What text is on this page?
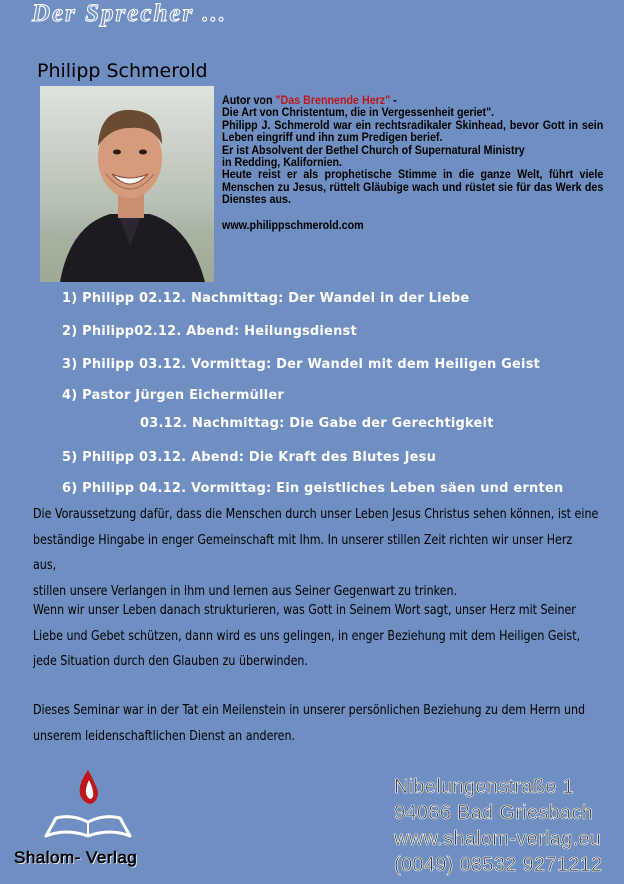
Der Sprecher ...
Philipp Schmerold

Autor von "Das Brennende Herz" -

Die Art von Christentum, die in Vergessenheit geriet".

Philipp J. Schmerold war ein rechtsradikaler Skinhead, bevor Gott in sein Leben eingriff und ihn zum Predigen berief.

Er ist Absolvent der Bethel Church of Supernatural Ministry

in Redding, Kalifornien.

Heute reist er als prophetische Stimme in die ganze Welt, führt viele Menschen zu Jesus, rüttelt Gläubige wach und rüstet sie für das Werk des Dienstes aus.

www.philippschmerold.com

1) Philipp 02.12. Nachmittag: Der Wandel in der Liebe
2) Philipp02.12. Abend: Heilungsdienst
3) Philipp 03.12. Vormittag: Der Wandel mit dem Heiligen Geist
4) Pastor Jürgen Eichermüller
03.12. Nachmittag: Die Gabe der Gerechtigkeit
5) Philipp 03.12. Abend: Die Kraft des Blutes Jesu
6) Philipp 04.12. Vormittag: Ein geistliches Leben säen und ernten

Die Voraussetzung dafür, dass die Menschen durch unser Leben Jesus Christus sehen können, ist eine

beständige Hingabe in enger Gemeinschaft mit Ihm. In unserer stillen Zeit richten wir unser Herz aus,

stillen unsere Verlangen in Ihm und lernen aus Seiner Gegenwart zu trinken.

Wenn wir unser Leben danach strukturieren, was Gott in Seinem Wort sagt, unser Herz mit Seiner

Liebe und Gebet schützen, dann wird es uns gelingen, in enger Beziehung mit dem Heiligen Geist,

jede Situation durch den Glauben zu überwinden.

Dieses Seminar war in der Tat ein Meilenstein in unserer persönlichen Beziehung zu dem Herrn und

unserem leidenschaftlichen Dienst an anderen.

Shalom- Verlag
Nibelungenstraße 1
94086 Bad Griesbach
www.shalom-verlag.eu
(0049) 08532 9271212
